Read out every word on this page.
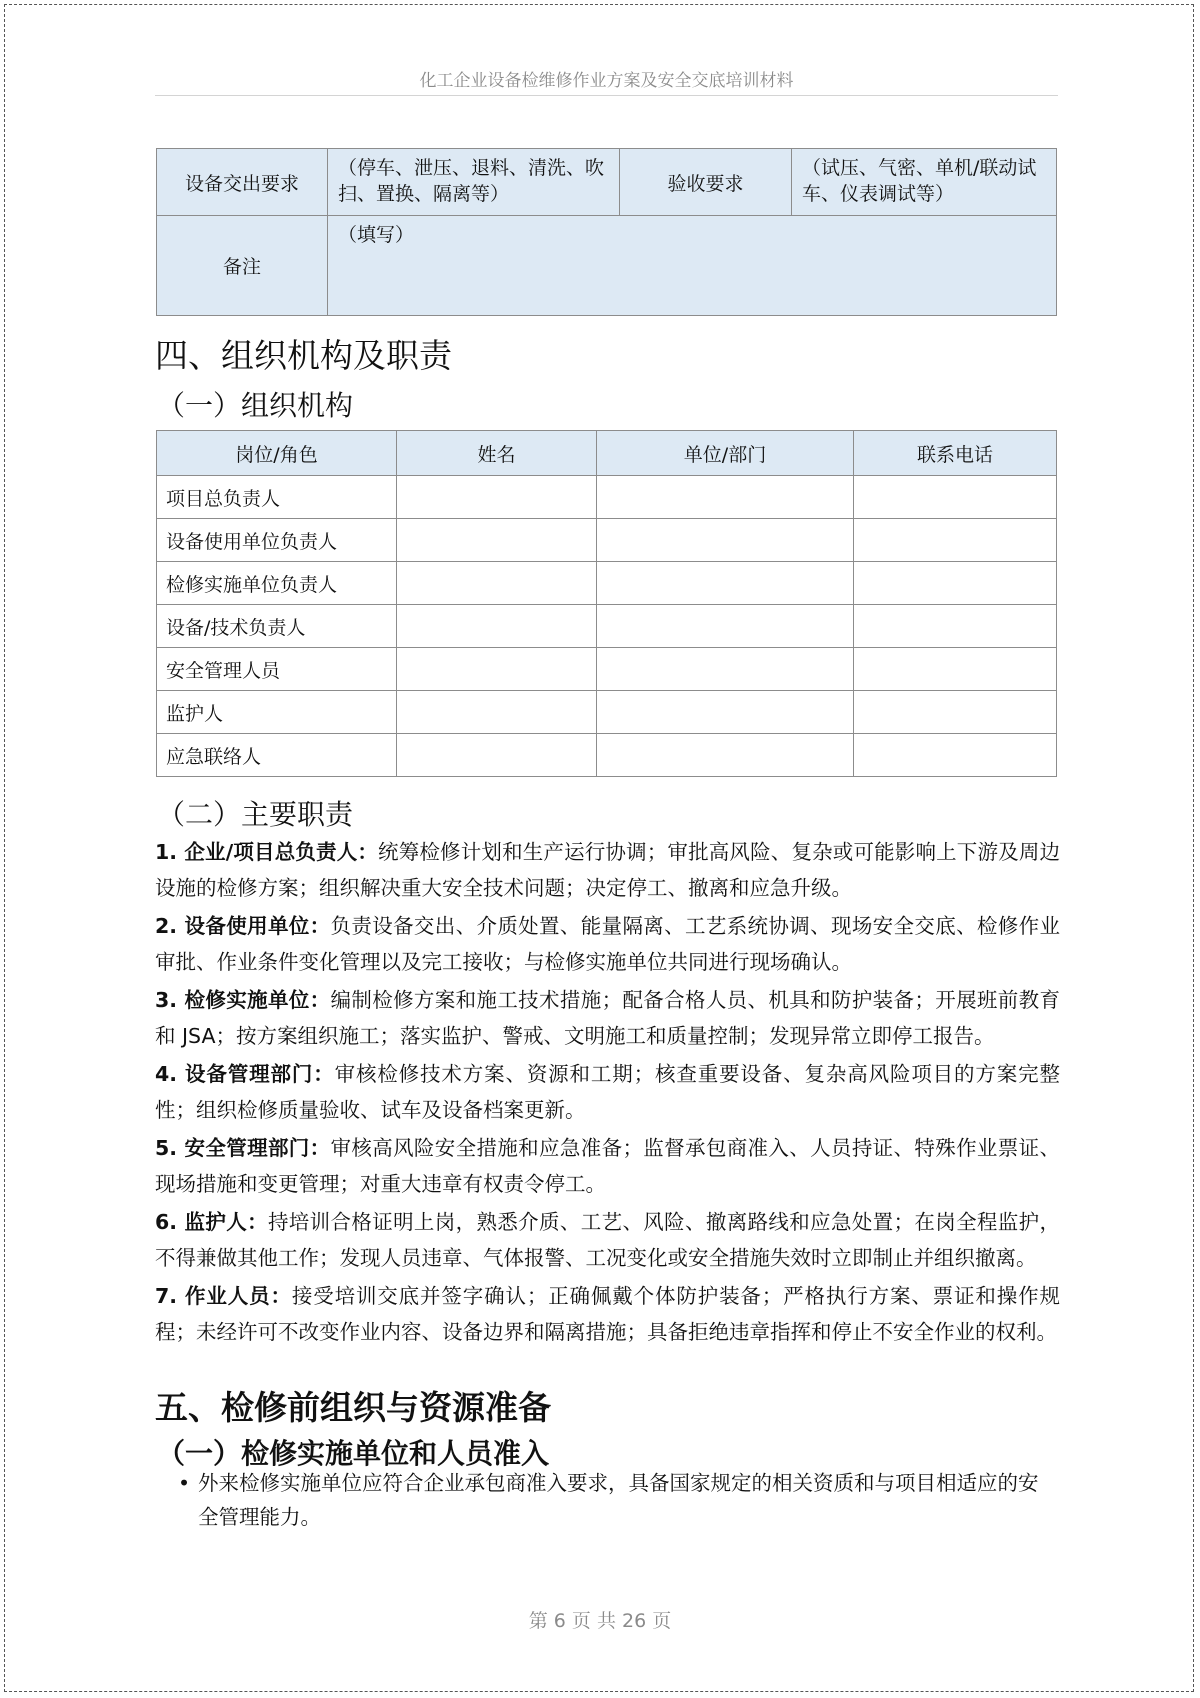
化工企业设备检维修作业方案及安全交底培训材料
设备交出要求	（停车、泄压、退料、清洗、吹扫、置换、隔离等）	验收要求	（试压、气密、单机/联动试车、仪表调试等）
备注	（填写）		
四、组织机构及职责
（一）组织机构
岗位/角色	姓名	单位/部门	联系电话
项目总负责人			
设备使用单位负责人			
检修实施单位负责人			
设备/技术负责人			
安全管理人员			
监护人			
应急联络人			
（二）主要职责

1. 企业/项目总负责人：统筹检修计划和生产运行协调；审批高风险、复杂或可能影响上下游及周边设施的检修方案；组织解决重大安全技术问题；决定停工、撤离和应急升级。

2. 设备使用单位：负责设备交出、介质处置、能量隔离、工艺系统协调、现场安全交底、检修作业审批、作业条件变化管理以及完工接收；与检修实施单位共同进行现场确认。

3. 检修实施单位：编制检修方案和施工技术措施；配备合格人员、机具和防护装备；开展班前教育和 JSA；按方案组织施工；落实监护、警戒、文明施工和质量控制；发现异常立即停工报告。

4. 设备管理部门：审核检修技术方案、资源和工期；核查重要设备、复杂高风险项目的方案完整性；组织检修质量验收、试车及设备档案更新。

5. 安全管理部门：审核高风险安全措施和应急准备；监督承包商准入、人员持证、特殊作业票证、现场措施和变更管理；对重大违章有权责令停工。

6. 监护人：持培训合格证明上岗，熟悉介质、工艺、风险、撤离路线和应急处置；在岗全程监护，不得兼做其他工作；发现人员违章、气体报警、工况变化或安全措施失效时立即制止并组织撤离。

7. 作业人员：接受培训交底并签字确认；正确佩戴个体防护装备；严格执行方案、票证和操作规程；未经许可不改变作业内容、设备边界和隔离措施；具备拒绝违章指挥和停止不安全作业的权利。

五、检修前组织与资源准备
（一）检修实施单位和人员准入
• 外来检修实施单位应符合企业承包商准入要求，具备国家规定的相关资质和与项目相适应的安全管理能力。
第 6 页 共 26 页
